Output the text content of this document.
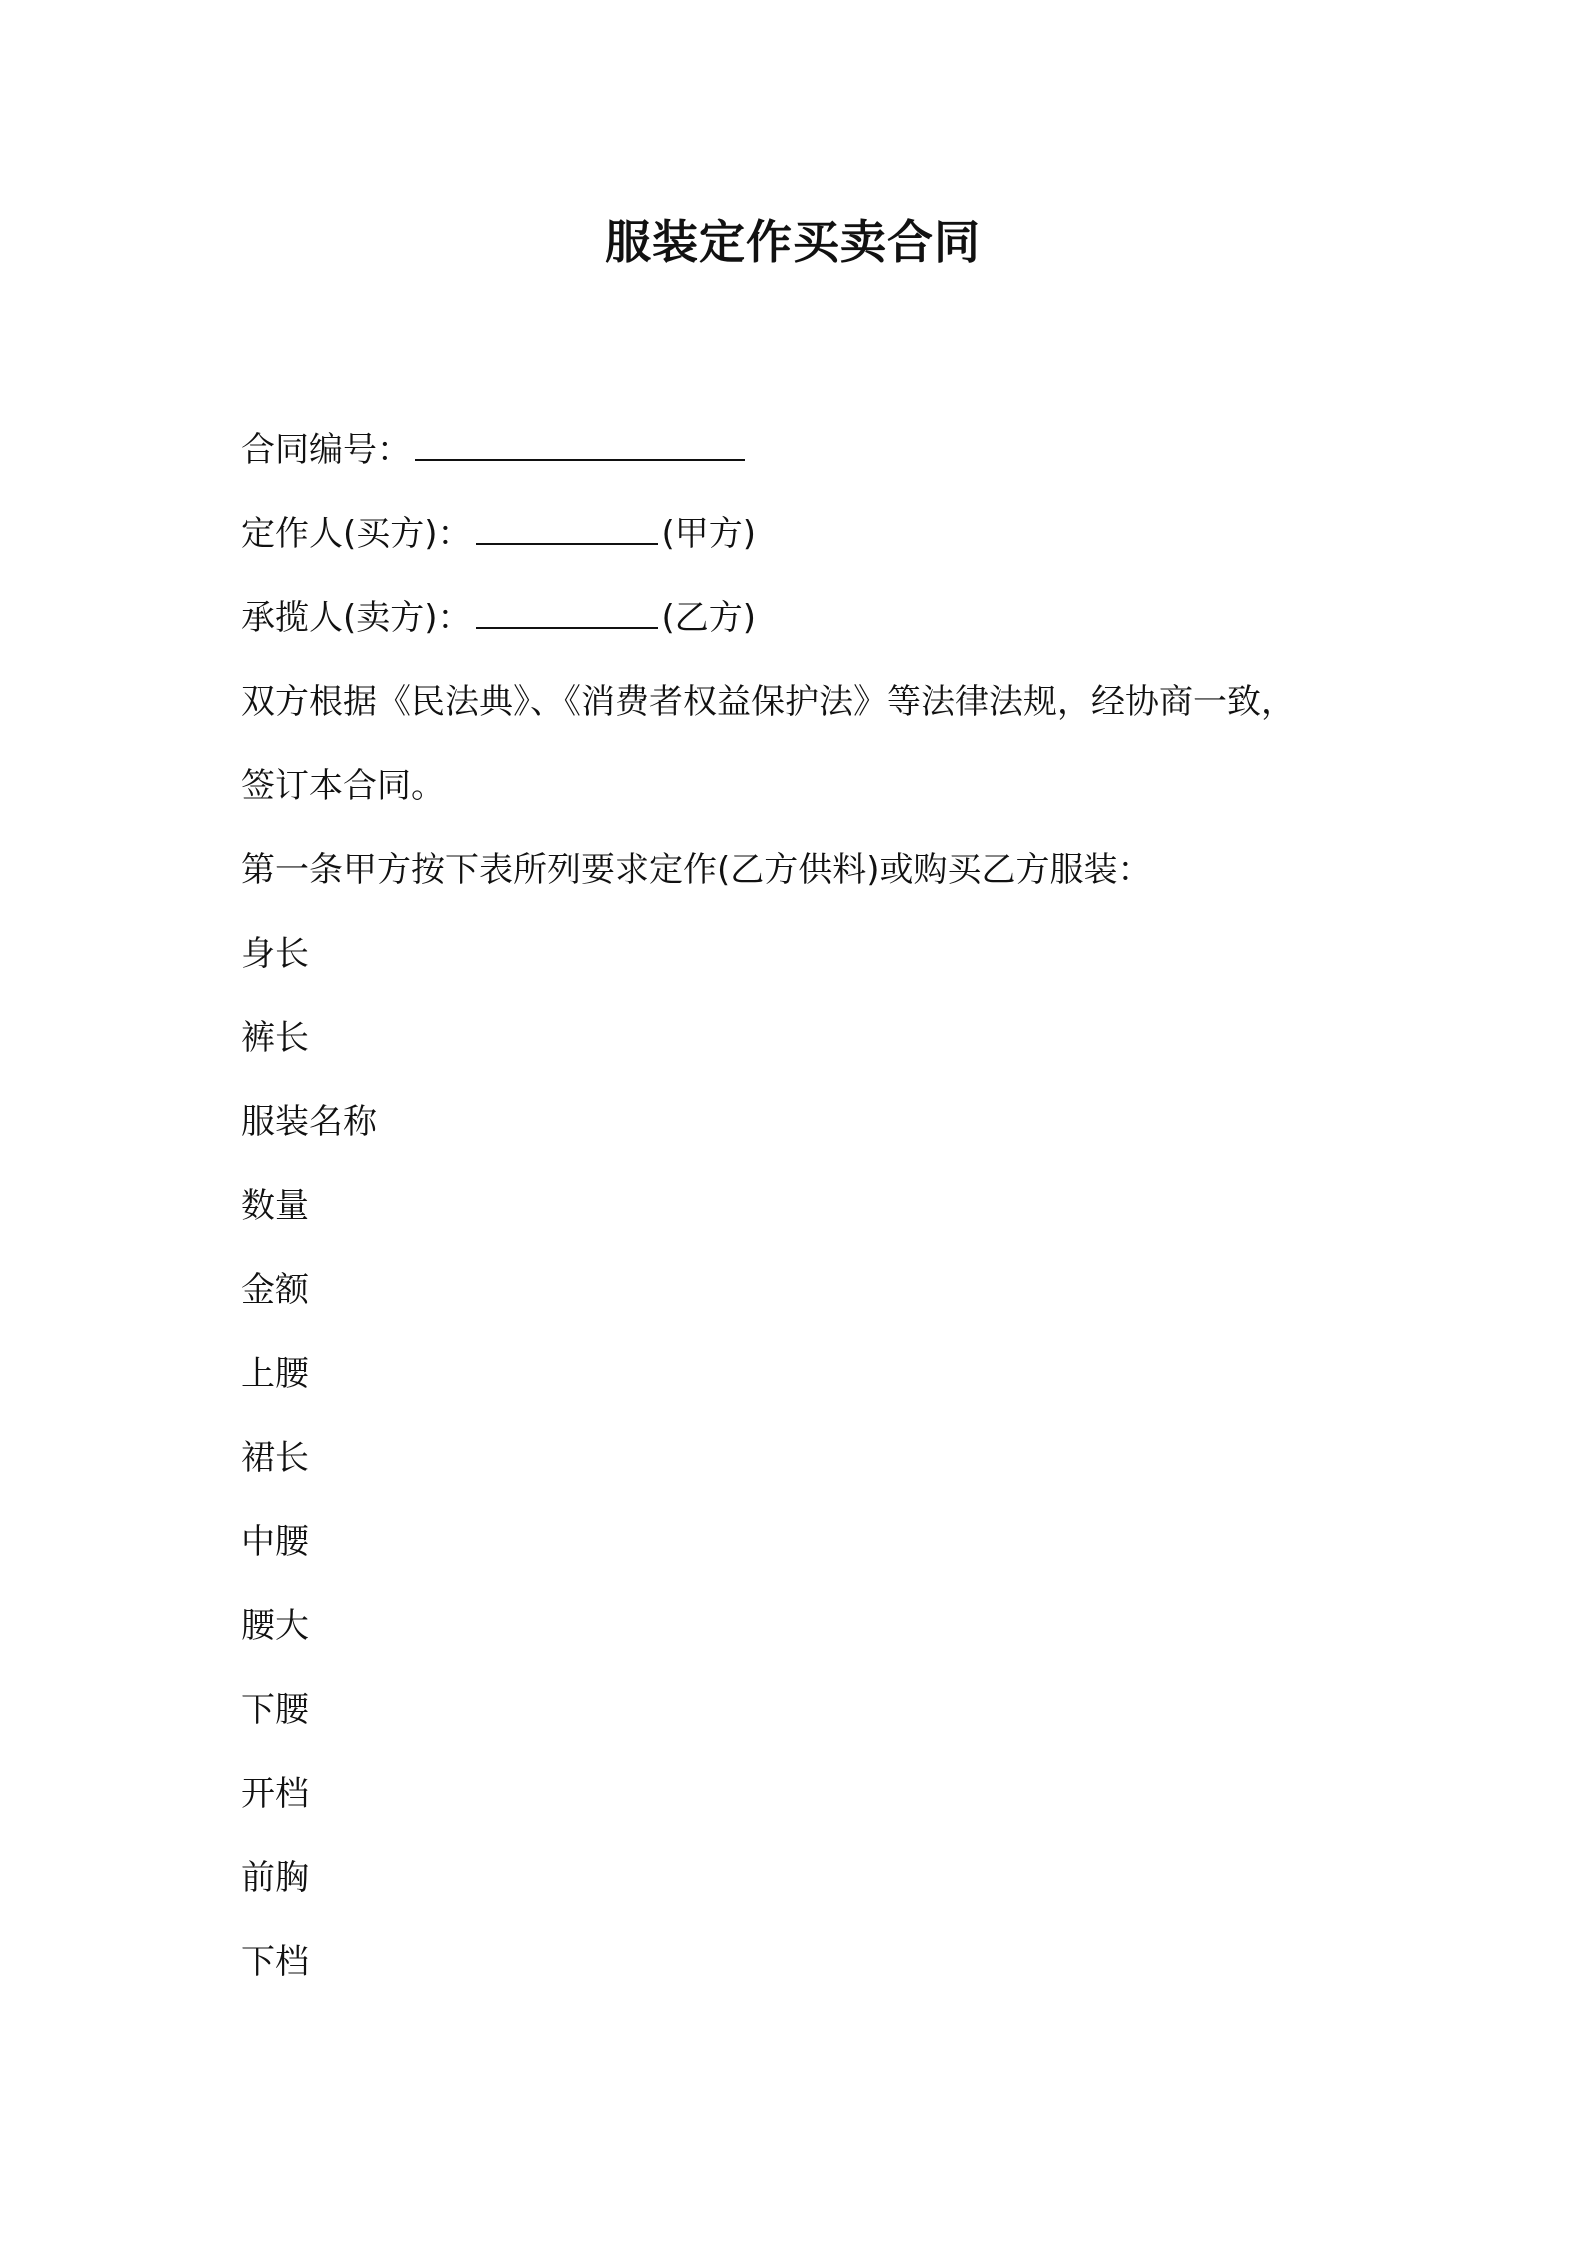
服装定作买卖合同

合同编号：

定作人(买方)：	(甲方)

承揽人(卖方)：	(乙方)

双方根据《民法典》、《消费者权益保护法》等法律法规，经协商一致，

签订本合同。

第一条甲方按下表所列要求定作(乙方供料)或购买乙方服装：

身长

裤长

服装名称

数量

金额

上腰

裙长

中腰

腰大

下腰

开档

前胸

下档
